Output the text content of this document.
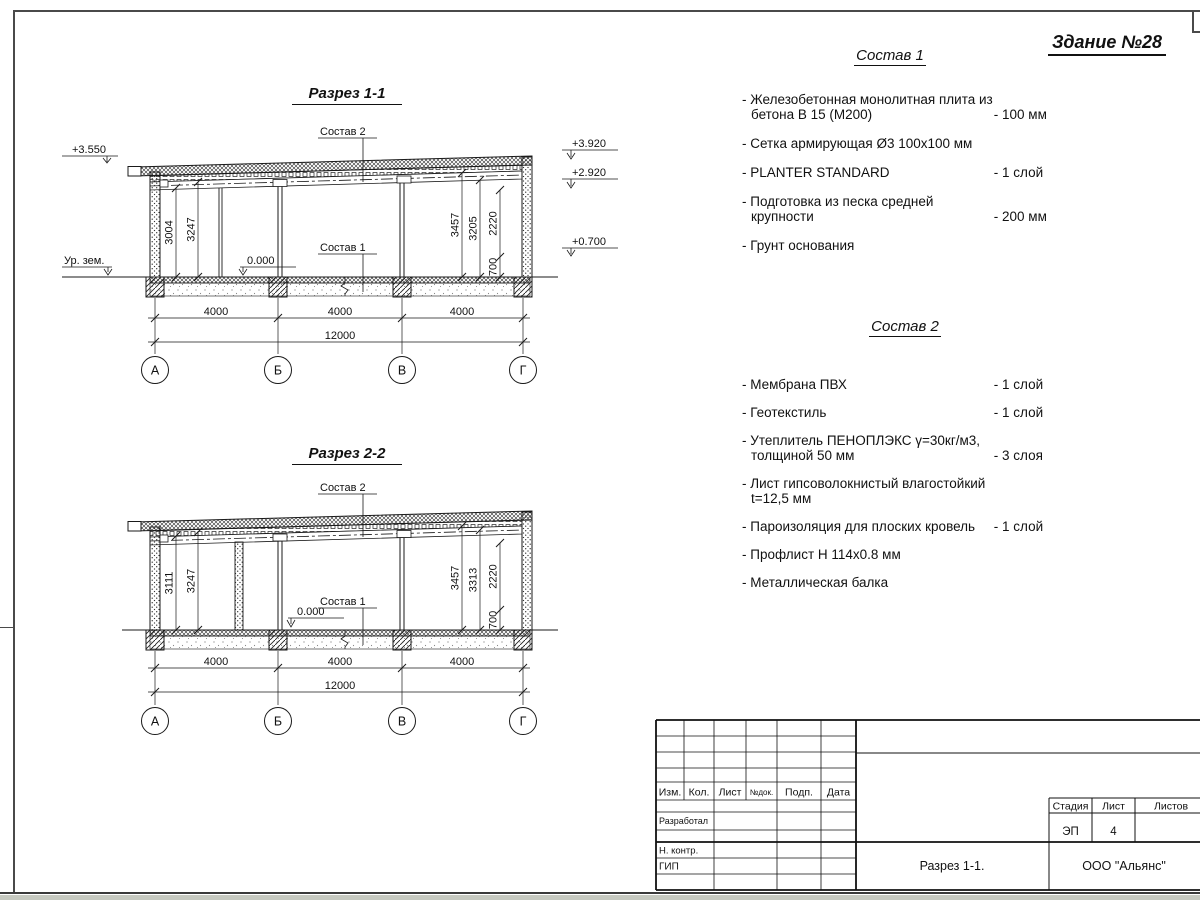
Здание №28
Разрез 1-1
Разрез 2-2
Состав 2
Состав 1
+3.550
Ур. зем.
+3.920
+2.920
+0.700
0.000
3004 3247	3457 3205 2220
700
4000	4000	4000
12000
А	Б	В	Г
Состав 2
Состав 1
0.000
3111 3247	3457 3313 2220
700
4000	4000	4000
12000
А	Б	В	Г
Состав 1
- Железобетонная монолитная плита из бетона В 15 (М200)	- 100 мм
- Сетка армирующая Ø3 100х100 мм
- PLANTER STANDARD	- 1 слой
- Подготовка из песка средней крупности	- 200 мм
- Грунт основания
Состав 2
- Мембрана ПВХ	- 1 слой
- Геотекстиль	- 1 слой
- Утеплитель ПЕНОПЛЭКС γ=30кг/м3, толщиной 50 мм	- 3 слоя
- Лист гипсоволокнистый влагостойкий t=12,5 мм
- Пароизоляция для плоских кровель	- 1 слой
- Профлист Н 114х0.8 мм
- Металлическая балка
Изм. Кол. Лист №док. Подп. Дата
Разработал
Н. контр.
ГИП
Стадия Лист	Листов
ЭП	4
Разрез 1-1.	ООО "Альянс"
